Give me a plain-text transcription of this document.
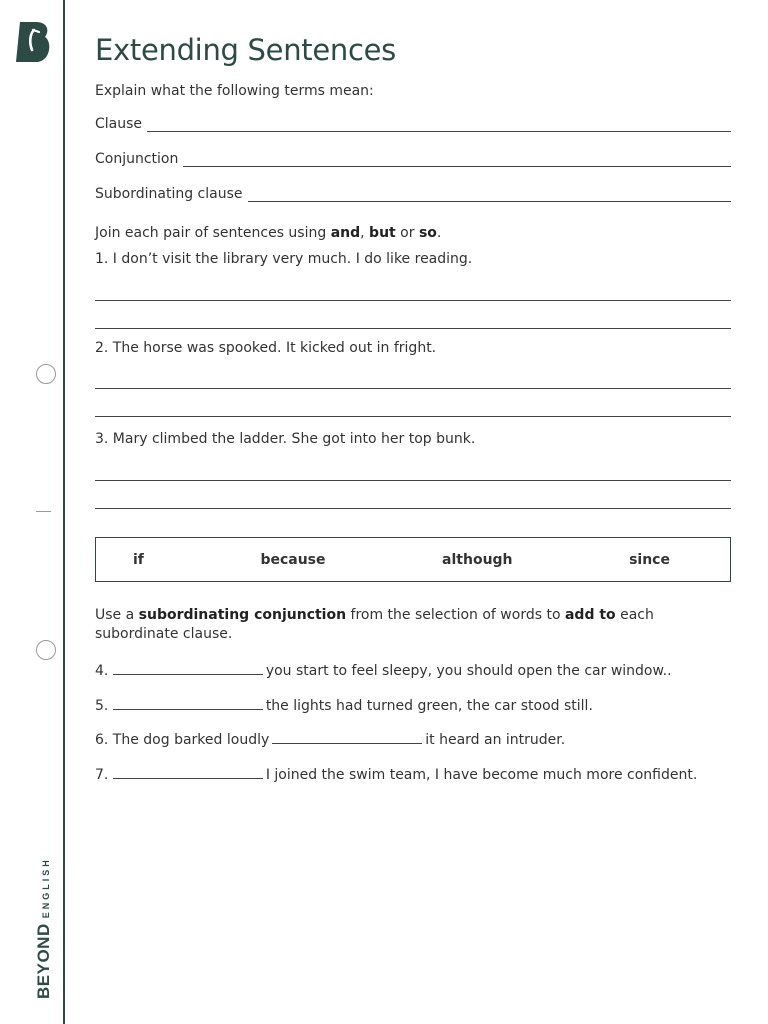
BEYONDENGLISH
Extending Sentences
Explain what the following terms mean:
Clause
Conjunction
Subordinating clause
Join each pair of sentences using and, but or so.
1. I don’t visit the library very much. I do like reading.
2. The horse was spooked. It kicked out in fright.
3. Mary climbed the ladder. She got into her top bunk.
if	because	although	since
Use a subordinating conjunction from the selection of words to add to each subordinate clause.
4.	you start to feel sleepy, you should open the car window..
5.	the lights had turned green, the car stood still.
6. The dog barked loudly	it heard an intruder.
7.	I joined the swim team, I have become much more confident.
